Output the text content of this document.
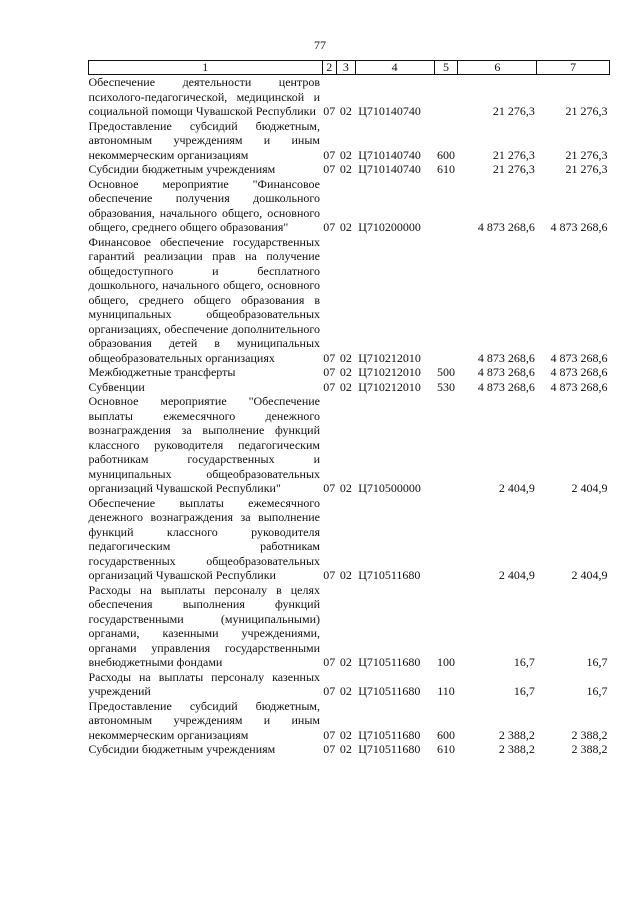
77
1	2	3	4	5	6	7
Обеспечение деятельности центров психолого-педагогической, медицинской и социальной помощи Чувашской Республики	07	02	Ц710140740		21 276,3	21 276,3
Предоставление субсидий бюджетным, автономным учреждениям и иным некоммерческим организациям	07	02	Ц710140740	600	21 276,3	21 276,3
Субсидии бюджетным учреждениям	07	02	Ц710140740	610	21 276,3	21 276,3
Основное мероприятие "Финансовое обеспечение получения дошкольного образования, начального общего, основного общего, среднего общего образования"	07	02	Ц710200000		4 873 268,6	4 873 268,6
Финансовое обеспечение государственных гарантий реализации прав на получение общедоступного и бесплатного дошкольного, начального общего, основного общего, среднего общего образования в муниципальных общеобразовательных организациях, обеспечение дополнительного образования детей в муниципальных общеобразовательных организациях	07	02	Ц710212010		4 873 268,6	4 873 268,6
Межбюджетные трансферты	07	02	Ц710212010	500	4 873 268,6	4 873 268,6
Субвенции	07	02	Ц710212010	530	4 873 268,6	4 873 268,6
Основное мероприятие "Обеспечение выплаты ежемесячного денежного вознаграждения за выполнение функций классного руководителя педагогическим работникам государственных и муниципальных общеобразовательных организаций Чувашской Республики"	07	02	Ц710500000		2 404,9	2 404,9
Обеспечение выплаты ежемесячного денежного вознаграждения за выполнение функций классного руководителя педагогическим работникам государственных общеобразовательных организаций Чувашской Республики	07	02	Ц710511680		2 404,9	2 404,9
Расходы на выплаты персоналу в целях обеспечения выполнения функций государственными (муниципальными) органами, казенными учреждениями, органами управления государственными внебюджетными фондами	07	02	Ц710511680	100	16,7	16,7
Расходы на выплаты персоналу казенных учреждений	07	02	Ц710511680	110	16,7	16,7
Предоставление субсидий бюджетным, автономным учреждениям и иным некоммерческим организациям	07	02	Ц710511680	600	2 388,2	2 388,2
Субсидии бюджетным учреждениям	07	02	Ц710511680	610	2 388,2	2 388,2
